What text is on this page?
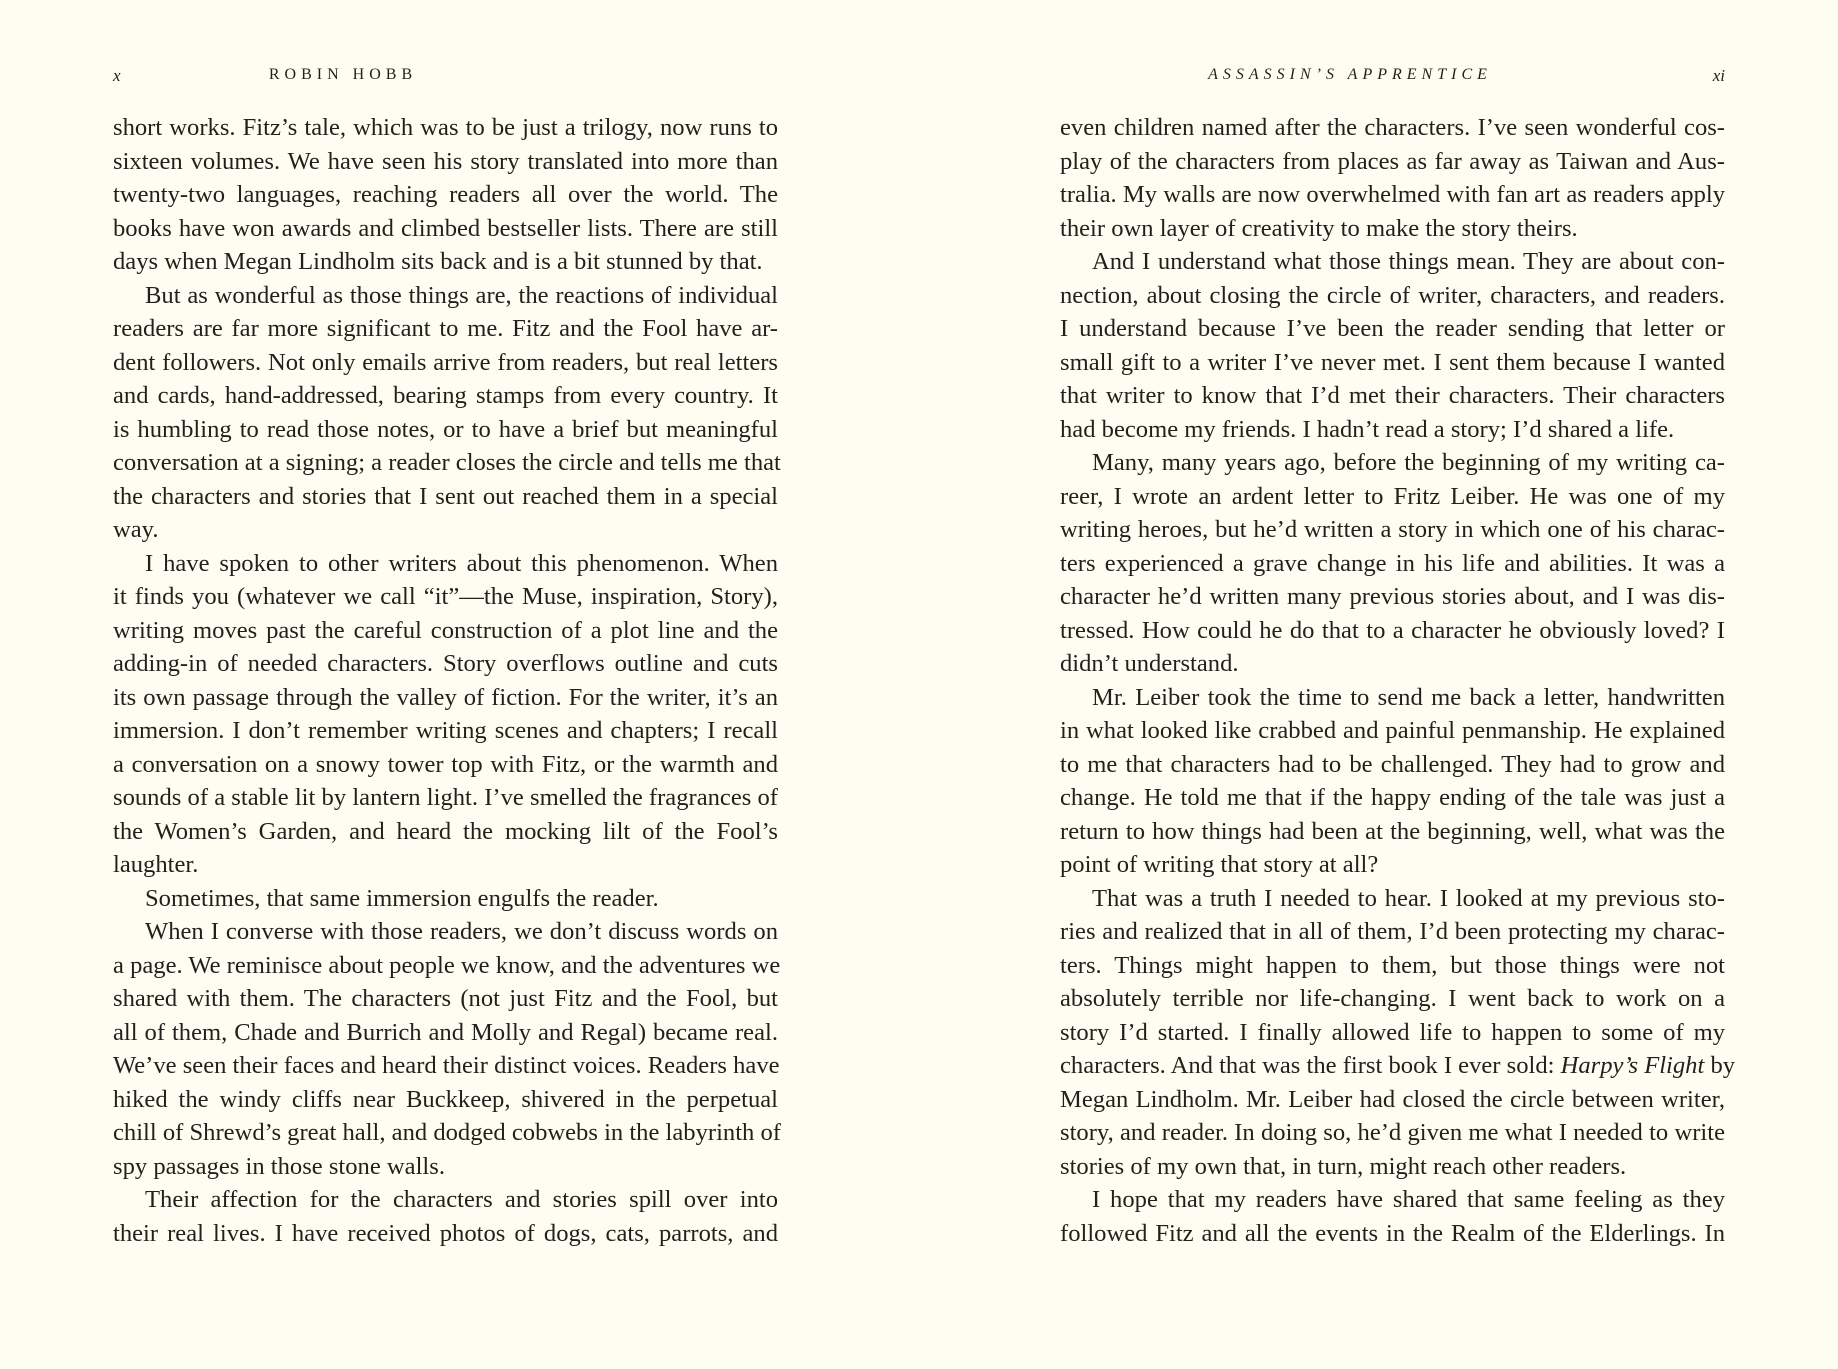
x	ROBIN HOBB
short works. Fitz’s tale, which was to be just a trilogy, now runs to
sixteen volumes. We have seen his story translated into more than
twenty-two languages, reaching readers all over the world. The
books have won awards and climbed bestseller lists. There are still
days when Megan Lindholm sits back and is a bit stunned by that.
But as wonderful as those things are, the reactions of individual
readers are far more significant to me. Fitz and the Fool have ar-
dent followers. Not only emails arrive from readers, but real letters
and cards, hand-addressed, bearing stamps from every country. It
is humbling to read those notes, or to have a brief but meaningful
conversation at a signing; a reader closes the circle and tells me that
the characters and stories that I sent out reached them in a special
way.
I have spoken to other writers about this phenomenon. When
it finds you (whatever we call “it”—the Muse, inspiration, Story),
writing moves past the careful construction of a plot line and the
adding-in of needed characters. Story overflows outline and cuts
its own passage through the valley of fiction. For the writer, it’s an
immersion. I don’t remember writing scenes and chapters; I recall
a conversation on a snowy tower top with Fitz, or the warmth and
sounds of a stable lit by lantern light. I’ve smelled the fragrances of
the Women’s Garden, and heard the mocking lilt of the Fool’s
laughter.
Sometimes, that same immersion engulfs the reader.
When I converse with those readers, we don’t discuss words on
a page. We reminisce about people we know, and the adventures we
shared with them. The characters (not just Fitz and the Fool, but
all of them, Chade and Burrich and Molly and Regal) became real.
We’ve seen their faces and heard their distinct voices. Readers have
hiked the windy cliffs near Buckkeep, shivered in the perpetual
chill of Shrewd’s great hall, and dodged cobwebs in the labyrinth of
spy passages in those stone walls.
Their affection for the characters and stories spill over into
their real lives. I have received photos of dogs, cats, parrots, and
ASSASSIN’S APPRENTICE	xi
even children named after the characters. I’ve seen wonderful cos-
play of the characters from places as far away as Taiwan and Aus-
tralia. My walls are now overwhelmed with fan art as readers apply
their own layer of creativity to make the story theirs.
And I understand what those things mean. They are about con-
nection, about closing the circle of writer, characters, and readers.
I understand because I’ve been the reader sending that letter or
small gift to a writer I’ve never met. I sent them because I wanted
that writer to know that I’d met their characters. Their characters
had become my friends. I hadn’t read a story; I’d shared a life.
Many, many years ago, before the beginning of my writing ca-
reer, I wrote an ardent letter to Fritz Leiber. He was one of my
writing heroes, but he’d written a story in which one of his charac-
ters experienced a grave change in his life and abilities. It was a
character he’d written many previous stories about, and I was dis-
tressed. How could he do that to a character he obviously loved? I
didn’t understand.
Mr. Leiber took the time to send me back a letter, handwritten
in what looked like crabbed and painful penmanship. He explained
to me that characters had to be challenged. They had to grow and
change. He told me that if the happy ending of the tale was just a
return to how things had been at the beginning, well, what was the
point of writing that story at all?
That was a truth I needed to hear. I looked at my previous sto-
ries and realized that in all of them, I’d been protecting my charac-
ters. Things might happen to them, but those things were not
absolutely terrible nor life-changing. I went back to work on a
story I’d started. I finally allowed life to happen to some of my
characters. And that was the first book I ever sold: Harpy’s Flight by
Megan Lindholm. Mr. Leiber had closed the circle between writer,
story, and reader. In doing so, he’d given me what I needed to write
stories of my own that, in turn, might reach other readers.
I hope that my readers have shared that same feeling as they
followed Fitz and all the events in the Realm of the Elderlings. In
